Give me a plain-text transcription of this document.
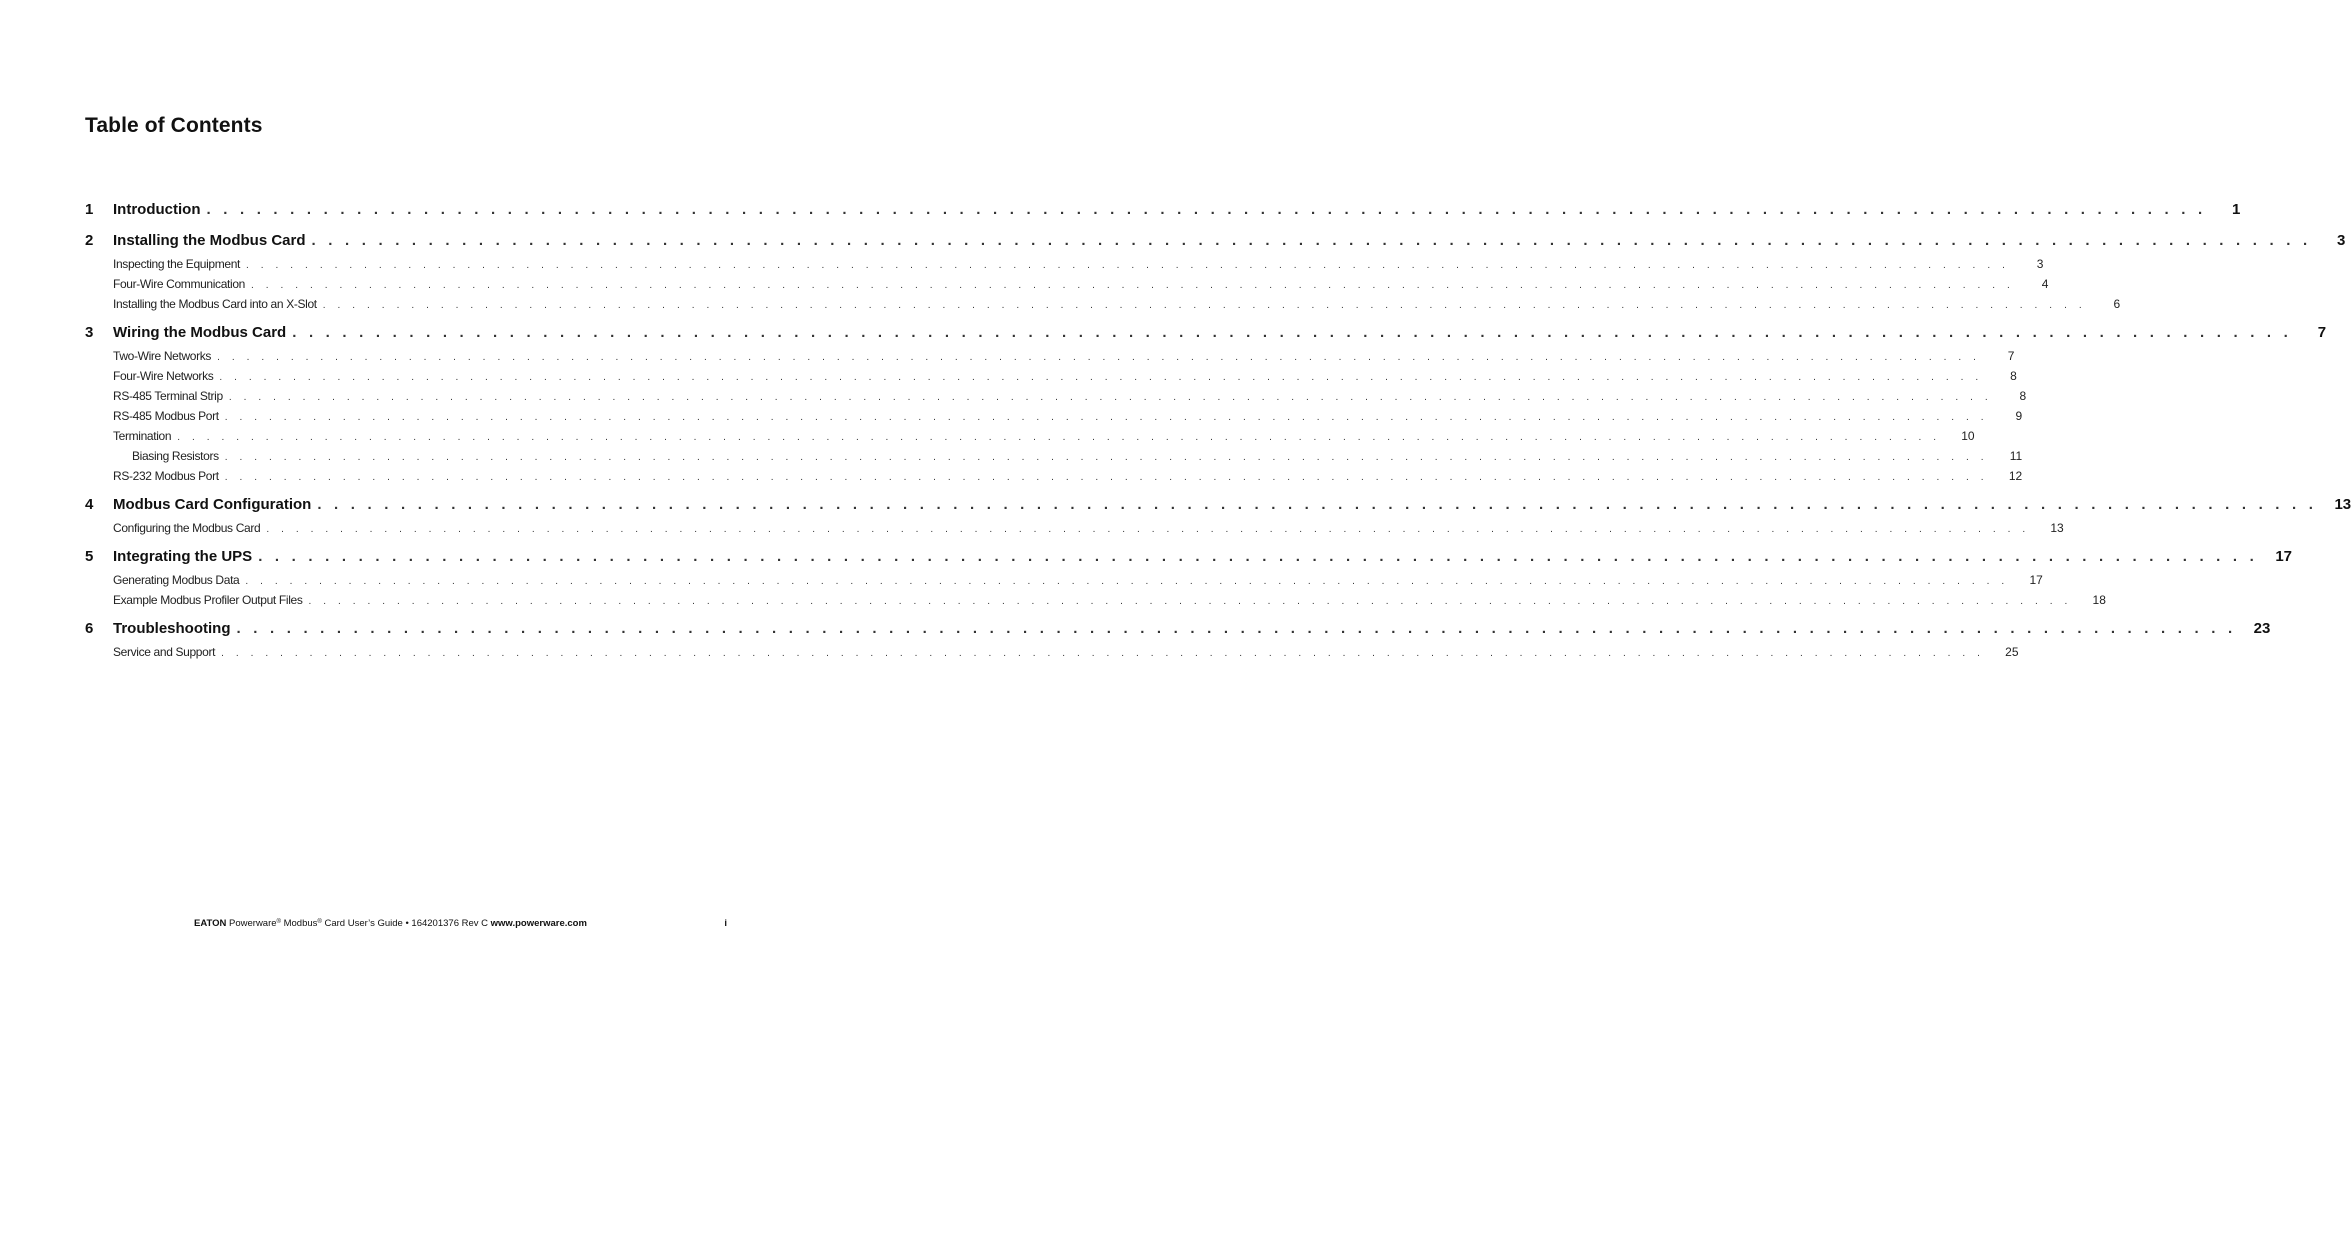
Table of Contents
1	Introduction . . . . . . . . . . . . . . . . . . . . . . . . . . . . . . . . . . . . . . . . . . . . . . . . . . . . . . . . . . . . . . . . . . . . . . . . . . . . . . . . . . . . . . . . . . . . . . . . . . . . . . . . . . . . . . . . . . . . . . . .	1
2	Installing the Modbus Card . . . . . . . . . . . . . . . . . . . . . . . . . . . . . . . . . . . . . . . . . . . . . . . . . . . . . . . . . . . . . . . . . . . . . . . . . . . . . . . . . . . . . . . . . . . . . . . . . . . . . . . . . . . . . . . . . . . . . . . .	3
Inspecting the Equipment . . . . . . . . . . . . . . . . . . . . . . . . . . . . . . . . . . . . . . . . . . . . . . . . . . . . . . . . . . . . . . . . . . . . . . . . . . . . . . . . . . . . . . . . . . . . . . . . . . . . . . . . . . . . . . . . . . . . . . . .	3
Four-Wire Communication . . . . . . . . . . . . . . . . . . . . . . . . . . . . . . . . . . . . . . . . . . . . . . . . . . . . . . . . . . . . . . . . . . . . . . . . . . . . . . . . . . . . . . . . . . . . . . . . . . . . . . . . . . . . . . . . . . . . . . . .	4
Installing the Modbus Card into an X-Slot . . . . . . . . . . . . . . . . . . . . . . . . . . . . . . . . . . . . . . . . . . . . . . . . . . . . . . . . . . . . . . . . . . . . . . . . . . . . . . . . . . . . . . . . . . . . . . . . . . . . . . . . . . . . . . . . . . . . . . . .	6
3	Wiring the Modbus Card . . . . . . . . . . . . . . . . . . . . . . . . . . . . . . . . . . . . . . . . . . . . . . . . . . . . . . . . . . . . . . . . . . . . . . . . . . . . . . . . . . . . . . . . . . . . . . . . . . . . . . . . . . . . . . . . . . . . . . . .	7
Two-Wire Networks . . . . . . . . . . . . . . . . . . . . . . . . . . . . . . . . . . . . . . . . . . . . . . . . . . . . . . . . . . . . . . . . . . . . . . . . . . . . . . . . . . . . . . . . . . . . . . . . . . . . . . . . . . . . . . . . . . . . . . . .	7
Four-Wire Networks . . . . . . . . . . . . . . . . . . . . . . . . . . . . . . . . . . . . . . . . . . . . . . . . . . . . . . . . . . . . . . . . . . . . . . . . . . . . . . . . . . . . . . . . . . . . . . . . . . . . . . . . . . . . . . . . . . . . . . . .	8
RS-485 Terminal Strip . . . . . . . . . . . . . . . . . . . . . . . . . . . . . . . . . . . . . . . . . . . . . . . . . . . . . . . . . . . . . . . . . . . . . . . . . . . . . . . . . . . . . . . . . . . . . . . . . . . . . . . . . . . . . . . . . . . . . . . .	8
RS-485 Modbus Port . . . . . . . . . . . . . . . . . . . . . . . . . . . . . . . . . . . . . . . . . . . . . . . . . . . . . . . . . . . . . . . . . . . . . . . . . . . . . . . . . . . . . . . . . . . . . . . . . . . . . . . . . . . . . . . . . . . . . . . .	9
Termination . . . . . . . . . . . . . . . . . . . . . . . . . . . . . . . . . . . . . . . . . . . . . . . . . . . . . . . . . . . . . . . . . . . . . . . . . . . . . . . . . . . . . . . . . . . . . . . . . . . . . . . . . . . . . . . . . . . . . . . .	10
Biasing Resistors . . . . . . . . . . . . . . . . . . . . . . . . . . . . . . . . . . . . . . . . . . . . . . . . . . . . . . . . . . . . . . . . . . . . . . . . . . . . . . . . . . . . . . . . . . . . . . . . . . . . . . . . . . . . . . . . . . . . . . . .	11
RS-232 Modbus Port . . . . . . . . . . . . . . . . . . . . . . . . . . . . . . . . . . . . . . . . . . . . . . . . . . . . . . . . . . . . . . . . . . . . . . . . . . . . . . . . . . . . . . . . . . . . . . . . . . . . . . . . . . . . . . . . . . . . . . . .	12
4	Modbus Card Configuration . . . . . . . . . . . . . . . . . . . . . . . . . . . . . . . . . . . . . . . . . . . . . . . . . . . . . . . . . . . . . . . . . . . . . . . . . . . . . . . . . . . . . . . . . . . . . . . . . . . . . . . . . . . . . . . . . . . . . . . .	13
Configuring the Modbus Card . . . . . . . . . . . . . . . . . . . . . . . . . . . . . . . . . . . . . . . . . . . . . . . . . . . . . . . . . . . . . . . . . . . . . . . . . . . . . . . . . . . . . . . . . . . . . . . . . . . . . . . . . . . . . . . . . . . . . . . .	13
5	Integrating the UPS . . . . . . . . . . . . . . . . . . . . . . . . . . . . . . . . . . . . . . . . . . . . . . . . . . . . . . . . . . . . . . . . . . . . . . . . . . . . . . . . . . . . . . . . . . . . . . . . . . . . . . . . . . . . . . . . . . . . . . . .	17
Generating Modbus Data . . . . . . . . . . . . . . . . . . . . . . . . . . . . . . . . . . . . . . . . . . . . . . . . . . . . . . . . . . . . . . . . . . . . . . . . . . . . . . . . . . . . . . . . . . . . . . . . . . . . . . . . . . . . . . . . . . . . . . . .	17
Example Modbus Profiler Output Files . . . . . . . . . . . . . . . . . . . . . . . . . . . . . . . . . . . . . . . . . . . . . . . . . . . . . . . . . . . . . . . . . . . . . . . . . . . . . . . . . . . . . . . . . . . . . . . . . . . . . . . . . . . . . . . . . . . . . . . .	18
6	Troubleshooting . . . . . . . . . . . . . . . . . . . . . . . . . . . . . . . . . . . . . . . . . . . . . . . . . . . . . . . . . . . . . . . . . . . . . . . . . . . . . . . . . . . . . . . . . . . . . . . . . . . . . . . . . . . . . . . . . . . . . . . .	23
Service and Support . . . . . . . . . . . . . . . . . . . . . . . . . . . . . . . . . . . . . . . . . . . . . . . . . . . . . . . . . . . . . . . . . . . . . . . . . . . . . . . . . . . . . . . . . . . . . . . . . . . . . . . . . . . . . . . . . . . . . . . .	25
EATON Powerware® Modbus® Card User’s Guide • 164201376 Rev C www.powerware.com	i
